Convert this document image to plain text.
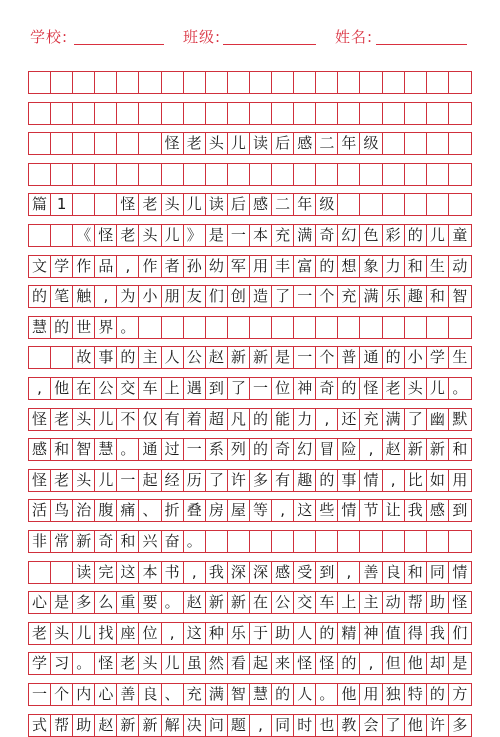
学校:	班级:	姓名:
怪 老 头 儿 读 后 感 二 年 级
篇 1	怪 老 头 儿 读 后 感 二 年 级
《 怪 老 头 儿 》 是 一 本 充 满 奇 幻 色 彩 的 儿 童
文 学 作 品 , 作 者 孙 幼 军 用 丰 富 的 想 象 力 和 生 动
的 笔 触 , 为 小 朋 友 们 创 造 了 一 个 充 满 乐 趣 和 智
慧 的 世 界 。
故 事 的 主 人 公 赵 新 新 是 一 个 普 通 的 小 学 生
, 他 在 公 交 车 上 遇 到 了 一 位 神 奇 的 怪 老 头 儿 。
怪 老 头 儿 不 仅 有 着 超 凡 的 能 力 , 还 充 满 了 幽 默
感 和 智 慧 。 通 过 一 系 列 的 奇 幻 冒 险 , 赵 新 新 和
怪 老 头 儿 一 起 经 历 了 许 多 有 趣 的 事 情 , 比 如 用
活 鸟 治 腹 痛 、 折 叠 房 屋 等 , 这 些 情 节 让 我 感 到
非 常 新 奇 和 兴 奋 。
读 完 这 本 书 , 我 深 深 感 受 到 , 善 良 和 同 情
心 是 多 么 重 要 。 赵 新 新 在 公 交 车 上 主 动 帮 助 怪
老 头 儿 找 座 位 , 这 种 乐 于 助 人 的 精 神 值 得 我 们
学 习 。 怪 老 头 儿 虽 然 看 起 来 怪 怪 的 , 但 他 却 是
一 个 内 心 善 良 、 充 满 智 慧 的 人 。 他 用 独 特 的 方
式 帮 助 赵 新 新 解 决 问 题 , 同 时 也 教 会 了 他 许 多
